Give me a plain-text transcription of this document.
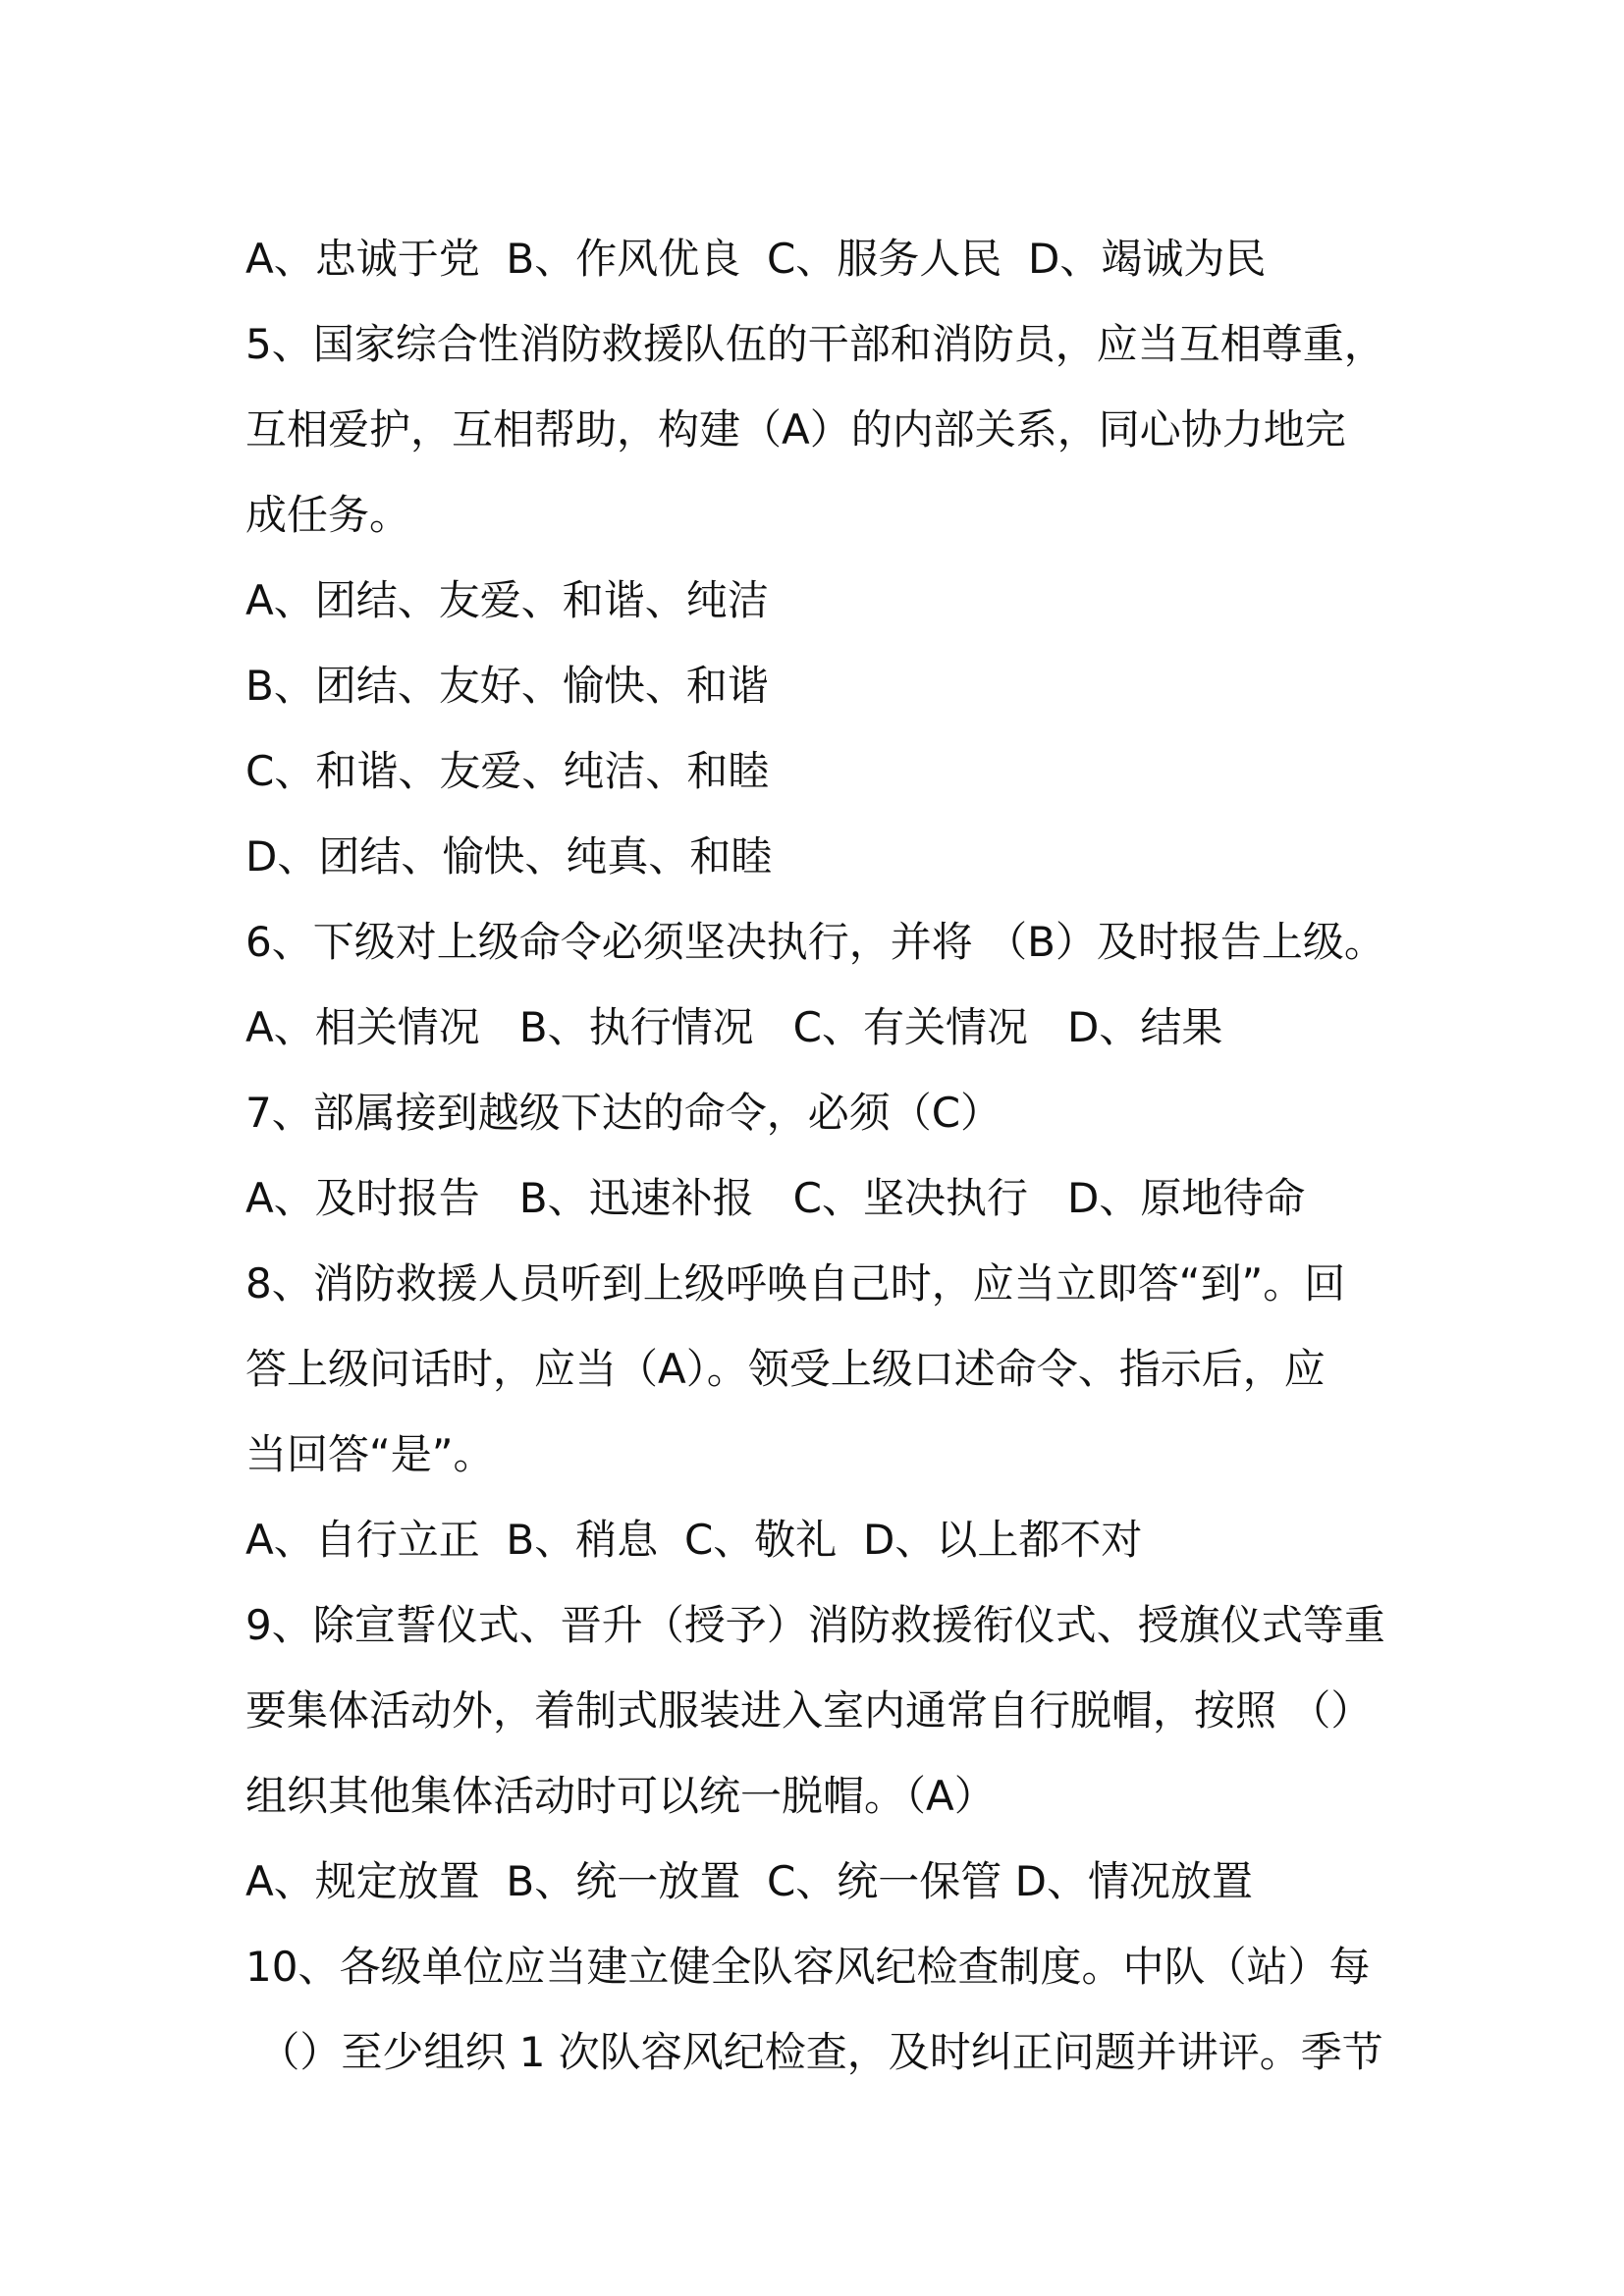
A、忠诚于党  B、作风优良  C、服务人民  D、竭诚为民

5、国家综合性消防救援队伍的干部和消防员，应当互相尊重，

互相爱护，互相帮助，构建（A）的内部关系，同心协力地完

成任务。

A、团结、友爱、和谐、纯洁

B、团结、友好、愉快、和谐

C、和谐、友爱、纯洁、和睦

D、团结、愉快、纯真、和睦

6、下级对上级命令必须坚决执行，并将 （B）及时报告上级。

A、相关情况   B、执行情况   C、有关情况   D、结果

7、部属接到越级下达的命令，必须（C）

A、及时报告   B、迅速补报   C、坚决执行   D、原地待命

8、消防救援人员听到上级呼唤自己时，应当立即答“到”。回

答上级问话时，应当（A）。领受上级口述命令、指示后，应

当回答“是”。

A、自行立正  B、稍息  C、敬礼  D、以上都不对

9、除宣誓仪式、晋升（授予）消防救援衔仪式、授旗仪式等重

要集体活动外，着制式服装进入室内通常自行脱帽，按照 （）

组织其他集体活动时可以统一脱帽。（A）

A、规定放置  B、统一放置  C、统一保管 D、情况放置

10、各级单位应当建立健全队容风纪检查制度。中队（站）每

（）至少组织 1 次队容风纪检查，及时纠正问题并讲评。季节
